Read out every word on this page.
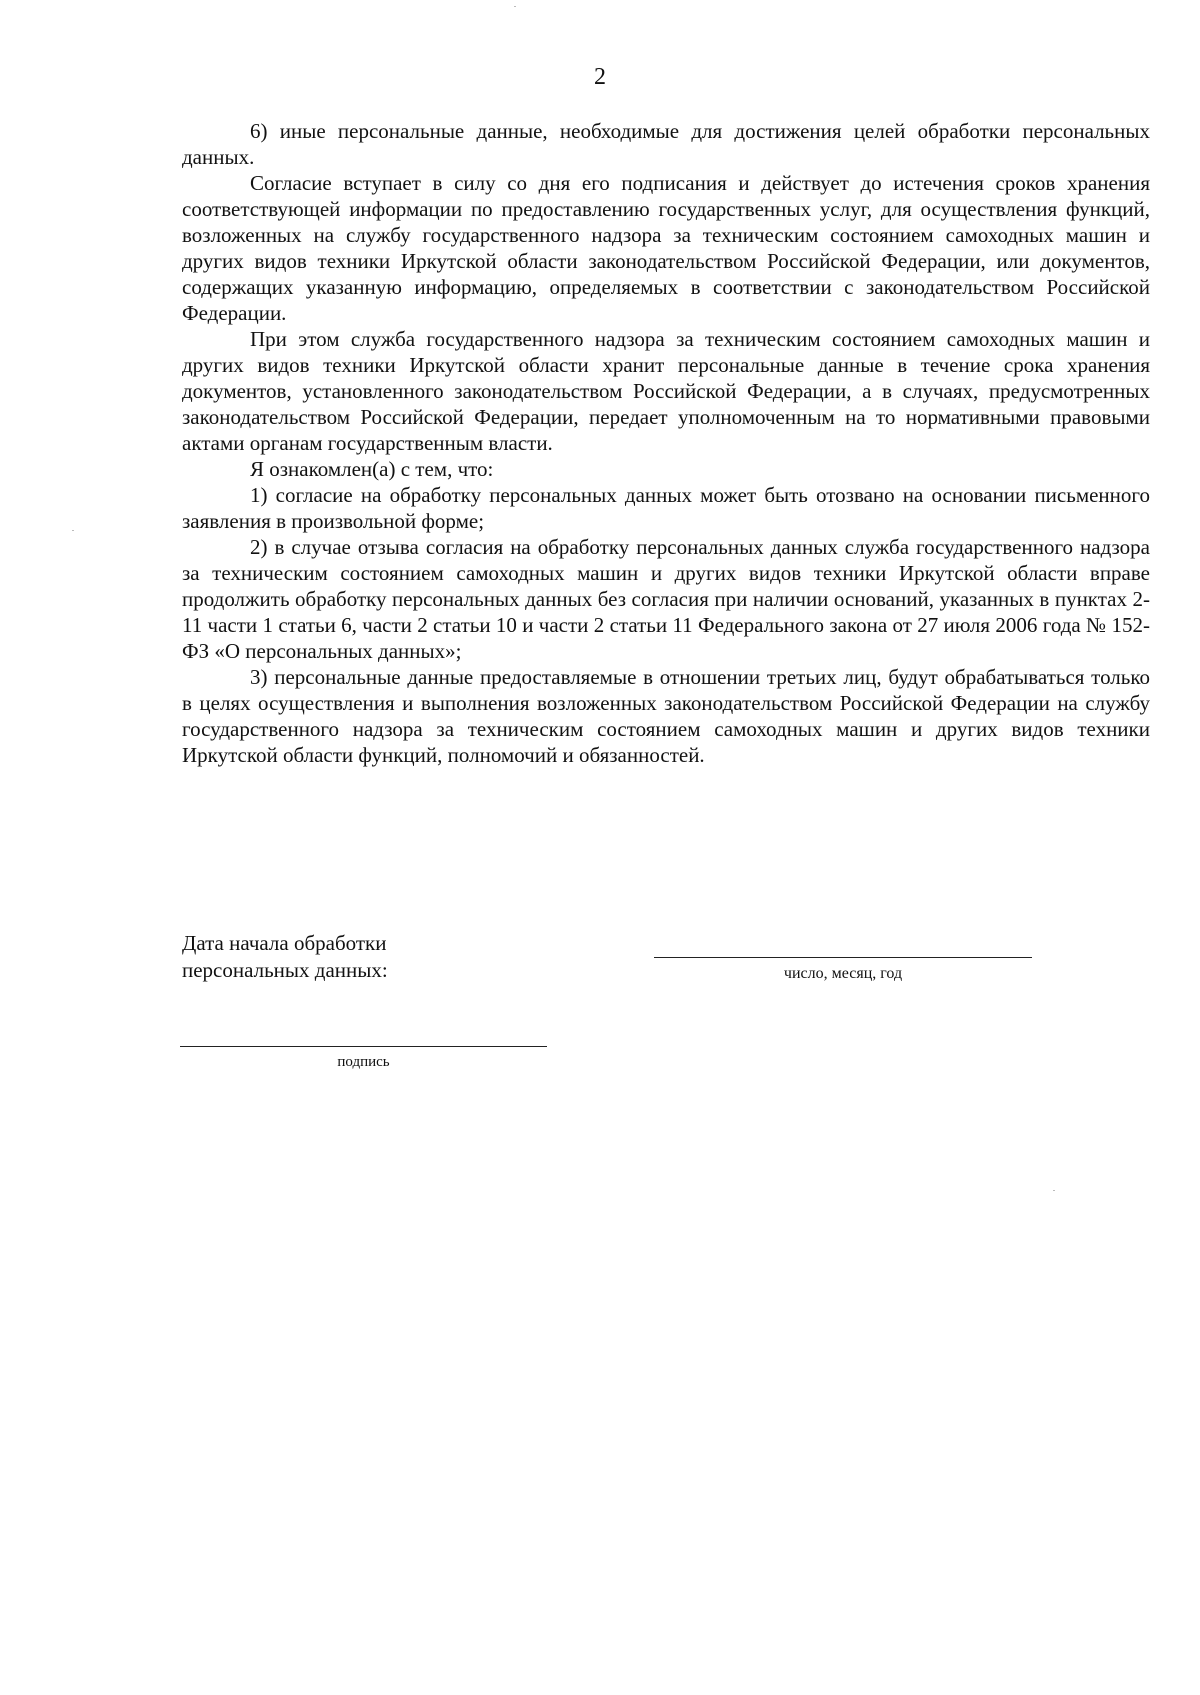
2

6) иные персональные данные, необходимые для достижения целей обработки персональных данных.

Согласие вступает в силу со дня его подписания и действует до истечения сроков хранения соответствующей информации по предоставлению государственных услуг, для осуществления функций, возложенных на службу государственного надзора за техническим состоянием самоходных машин и других видов техники Иркутской области законодательством Российской Федерации, или документов, содержащих указанную информацию, определяемых в соответствии с законодательством Российской Федерации.

При этом служба государственного надзора за техническим состоянием самоходных машин и других видов техники Иркутской области хранит персональные данные в течение срока хранения документов, установленного законодательством Российской Федерации, а в случаях, предусмотренных законодательством Российской Федерации, передает уполномоченным на то нормативными правовыми актами органам государственным власти.

Я ознакомлен(а) с тем, что:

1) согласие на обработку персональных данных может быть отозвано на основании письменного заявления в произвольной форме;

2) в случае отзыва согласия на обработку персональных данных служба государственного надзора за техническим состоянием самоходных машин и других видов техники Иркутской области вправе продолжить обработку персональных данных без согласия при наличии оснований, указанных в пунктах 2-11 части 1 статьи 6, части 2 статьи 10 и части 2 статьи 11 Федерального закона от 27 июля 2006 года № 152-ФЗ «О персональных данных»;

3) персональные данные предоставляемые в отношении третьих лиц, будут обрабатываться только в целях осуществления и выполнения возложенных законодательством Российской Федерации на службу государственного надзора за техническим состоянием самоходных машин и других видов техники Иркутской области функций, полномочий и обязанностей.

Дата начала обработки
персональных данных:	число, месяц, год
подпись
